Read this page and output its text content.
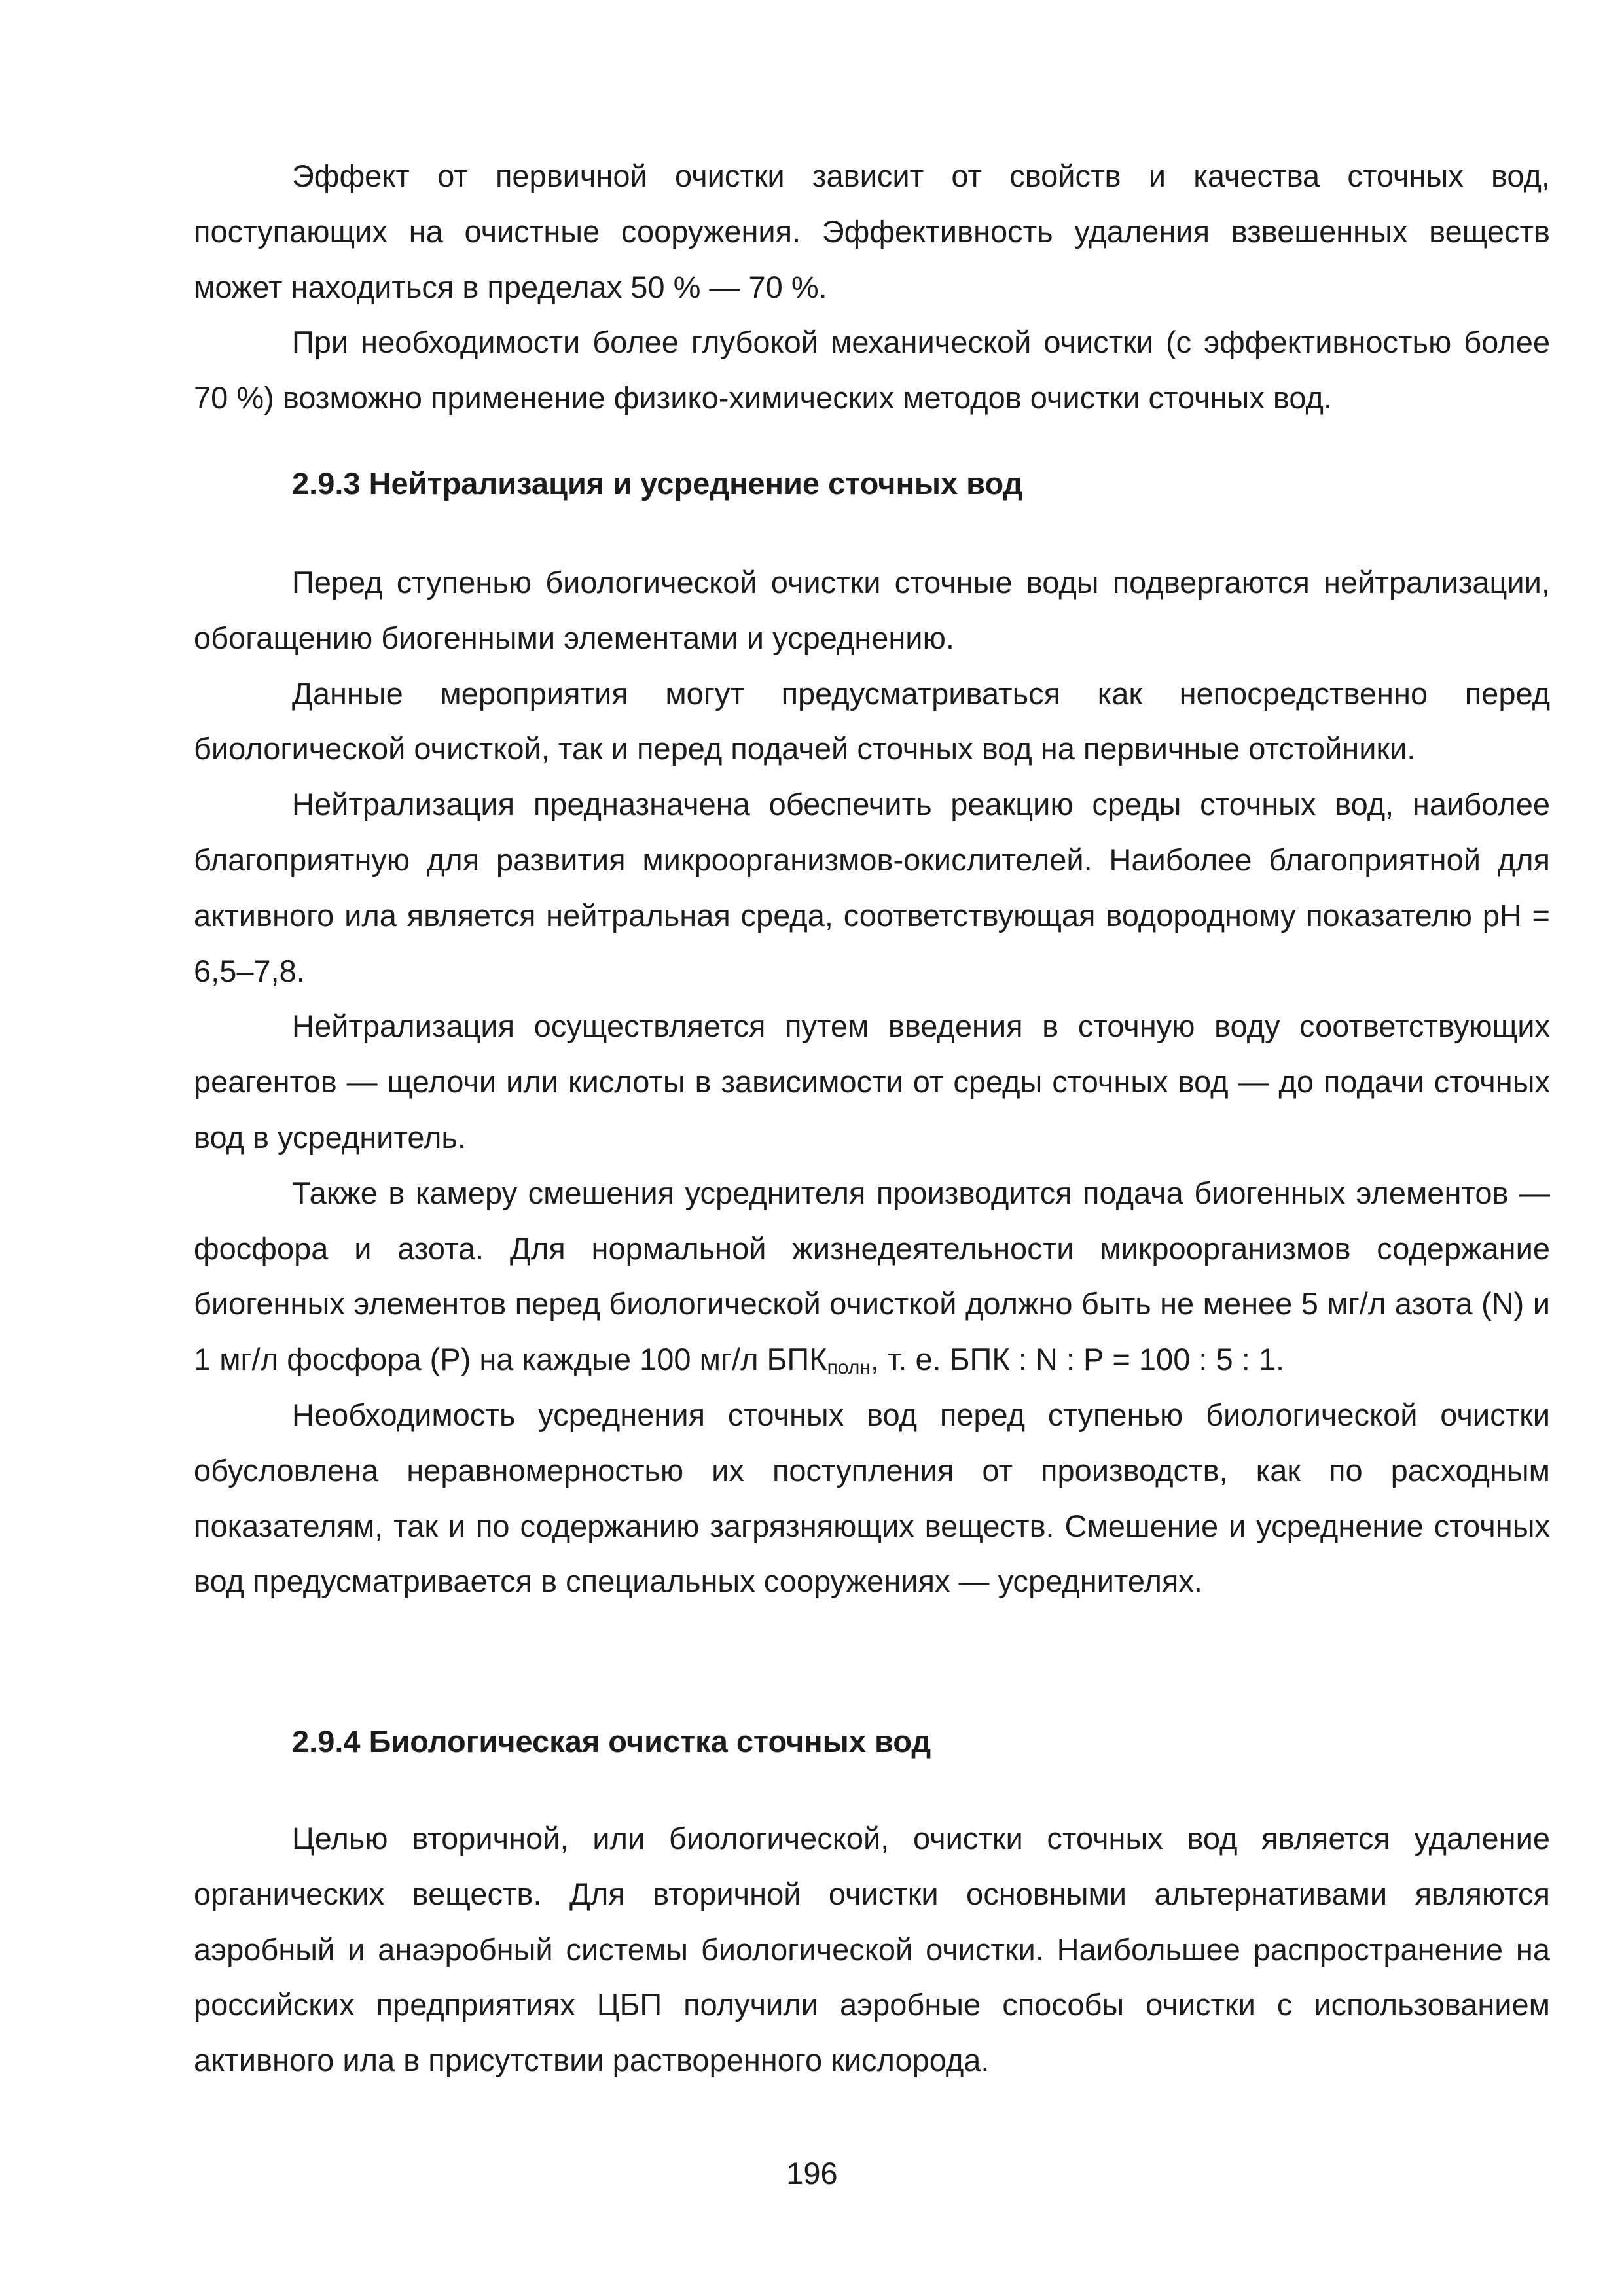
Эффект от первичной очистки зависит от свойств и качества сточных вод, поступающих на очистные сооружения. Эффективность удаления взвешенных веществ может находиться в пределах 50 % — 70 %.

При необходимости более глубокой механической очистки (с эффективностью более 70 %) возможно применение физико-химических методов очистки сточных вод.

2.9.3 Нейтрализация и усреднение сточных вод

Перед ступенью биологической очистки сточные воды подвергаются нейтрализации, обогащению биогенными элементами и усреднению.

Данные мероприятия могут предусматриваться как непосредственно перед биологической очисткой, так и перед подачей сточных вод на первичные отстойники.

Нейтрализация предназначена обеспечить реакцию среды сточных вод, наиболее благоприятную для развития микроорганизмов-окислителей. Наиболее благоприятной для активного ила является нейтральная среда, соответствующая водородному показателю pH = 6,5–7,8.

Нейтрализация осуществляется путем введения в сточную воду соответствующих реагентов — щелочи или кислоты в зависимости от среды сточных вод — до подачи сточных вод в усреднитель.

Также в камеру смешения усреднителя производится подача биогенных элементов — фосфора и азота. Для нормальной жизнедеятельности микроорганизмов содержание биогенных элементов перед биологической очисткой должно быть не менее 5 мг/л азота (N) и 1 мг/л фосфора (Р) на каждые 100 мг/л $БПК_{полн}$, т. е. БПК : N : Р = 100 : 5 : 1.

Необходимость усреднения сточных вод перед ступенью биологической очистки обусловлена неравномерностью их поступления от производств, как по расходным показателям, так и по содержанию загрязняющих веществ. Смешение и усреднение сточных вод предусматривается в специальных сооружениях — усреднителях.

2.9.4 Биологическая очистка сточных вод

Целью вторичной, или биологической, очистки сточных вод является удаление органических веществ. Для вторичной очистки основными альтернативами являются аэробный и анаэробный системы биологической очистки. Наибольшее распространение на российских предприятиях ЦБП получили аэробные способы очистки с использованием активного ила в присутствии растворенного кислорода.

196
